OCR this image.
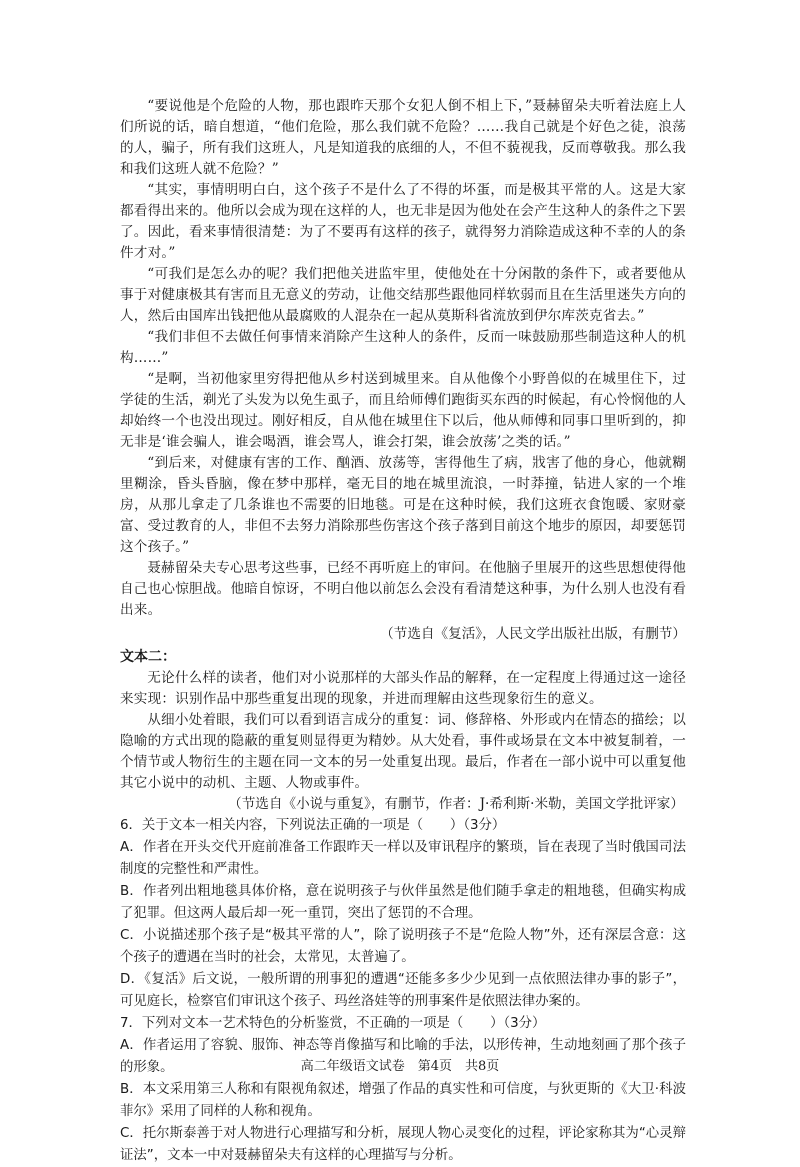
“要说他是个危险的人物，那也跟昨天那个女犯人倒不相上下，”聂赫留朵夫听着法庭上人们所说的话，暗自想道，“他们危险，那么我们就不危险？……我自己就是个好色之徒，浪荡的人，骗子，所有我们这班人，凡是知道我的底细的人，不但不藐视我，反而尊敬我。那么我和我们这班人就不危险？”

“其实，事情明明白白，这个孩子不是什么了不得的坏蛋，而是极其平常的人。这是大家都看得出来的。他所以会成为现在这样的人，也无非是因为他处在会产生这种人的条件之下罢了。因此，看来事情很清楚：为了不要再有这样的孩子，就得努力消除造成这种不幸的人的条件才对。”

“可我们是怎么办的呢？我们把他关进监牢里，使他处在十分闲散的条件下，或者要他从事于对健康极其有害而且无意义的劳动，让他交结那些跟他同样软弱而且在生活里迷失方向的人，然后由国库出钱把他从最腐败的人混杂在一起从莫斯科省流放到伊尔库茨克省去。”

“我们非但不去做任何事情来消除产生这种人的条件，反而一味鼓励那些制造这种人的机构……”

“是啊，当初他家里穷得把他从乡村送到城里来。自从他像个小野兽似的在城里住下，过学徒的生活，剃光了头发为以免生虱子，而且给师傅们跑街买东西的时候起，有心怜悯他的人却始终一个也没出现过。刚好相反，自从他在城里住下以后，他从师傅和同事口里听到的，抑无非是‘谁会骗人，谁会喝酒，谁会骂人，谁会打架，谁会放荡’之类的话。”

“到后来，对健康有害的工作、酗酒、放荡等，害得他生了病，戕害了他的身心，他就糊里糊涂，昏头昏脑，像在梦中那样，毫无目的地在城里流浪，一时莽撞，钻进人家的一个堆房，从那儿拿走了几条谁也不需要的旧地毯。可是在这种时候，我们这班衣食饱暖、家财豪富、受过教育的人，非但不去努力消除那些伤害这个孩子落到目前这个地步的原因，却要惩罚这个孩子。”

聂赫留朵夫专心思考这些事，已经不再听庭上的审问。在他脑子里展开的这些思想使得他自己也心惊胆战。他暗自惊讶，不明白他以前怎么会没有看清楚这种事，为什么别人也没有看出来。

（节选自《复活》，人民文学出版社出版，有删节）

文本二：

无论什么样的读者，他们对小说那样的大部头作品的解释，在一定程度上得通过这一途径来实现：识别作品中那些重复出现的现象，并进而理解由这些现象衍生的意义。

从细小处着眼，我们可以看到语言成分的重复：词、修辞格、外形或内在情态的描绘；以隐喻的方式出现的隐蔽的重复则显得更为精妙。从大处看，事件或场景在文本中被复制着，一个情节或人物衍生的主题在同一文本的另一处重复出现。最后，作者在一部小说中可以重复他其它小说中的动机、主题、人物或事件。

（节选自《小说与重复》，有删节，作者：J·希利斯·米勒，美国文学批评家）

6．关于文本一相关内容，下列说法正确的一项是（　　）（3分）

A．作者在开头交代开庭前准备工作跟昨天一样以及审讯程序的繁琐，旨在表现了当时俄国司法制度的完整性和严肃性。

B．作者列出粗地毯具体价格，意在说明孩子与伙伴虽然是他们随手拿走的粗地毯，但确实构成了犯罪。但这两人最后却一死一重罚，突出了惩罚的不合理。

C．小说描述那个孩子是“极其平常的人”，除了说明孩子不是“危险人物”外，还有深层含意：这个孩子的遭遇在当时的社会，太常见，太普遍了。

D．《复活》后文说，一般所谓的刑事犯的遭遇“还能多多少少见到一点依照法律办事的影子”，可见庭长，检察官们审讯这个孩子、玛丝洛娃等的刑事案件是依照法律办案的。

7．下列对文本一艺术特色的分析鉴赏，不正确的一项是（　　）（3分）

A．作者运用了容貌、服饰、神态等肖像描写和比喻的手法，以形传神，生动地刻画了那个孩子的形象。

B．本文采用第三人称和有限视角叙述，增强了作品的真实性和可信度，与狄更斯的《大卫·科波菲尔》采用了同样的人称和视角。

C．托尔斯泰善于对人物进行心理描写和分析，展现人物心灵变化的过程，评论家称其为“心灵辩证法”，文本一中对聂赫留朵夫有这样的心理描写与分析。

高二年级语文试卷　第4页　共8页
